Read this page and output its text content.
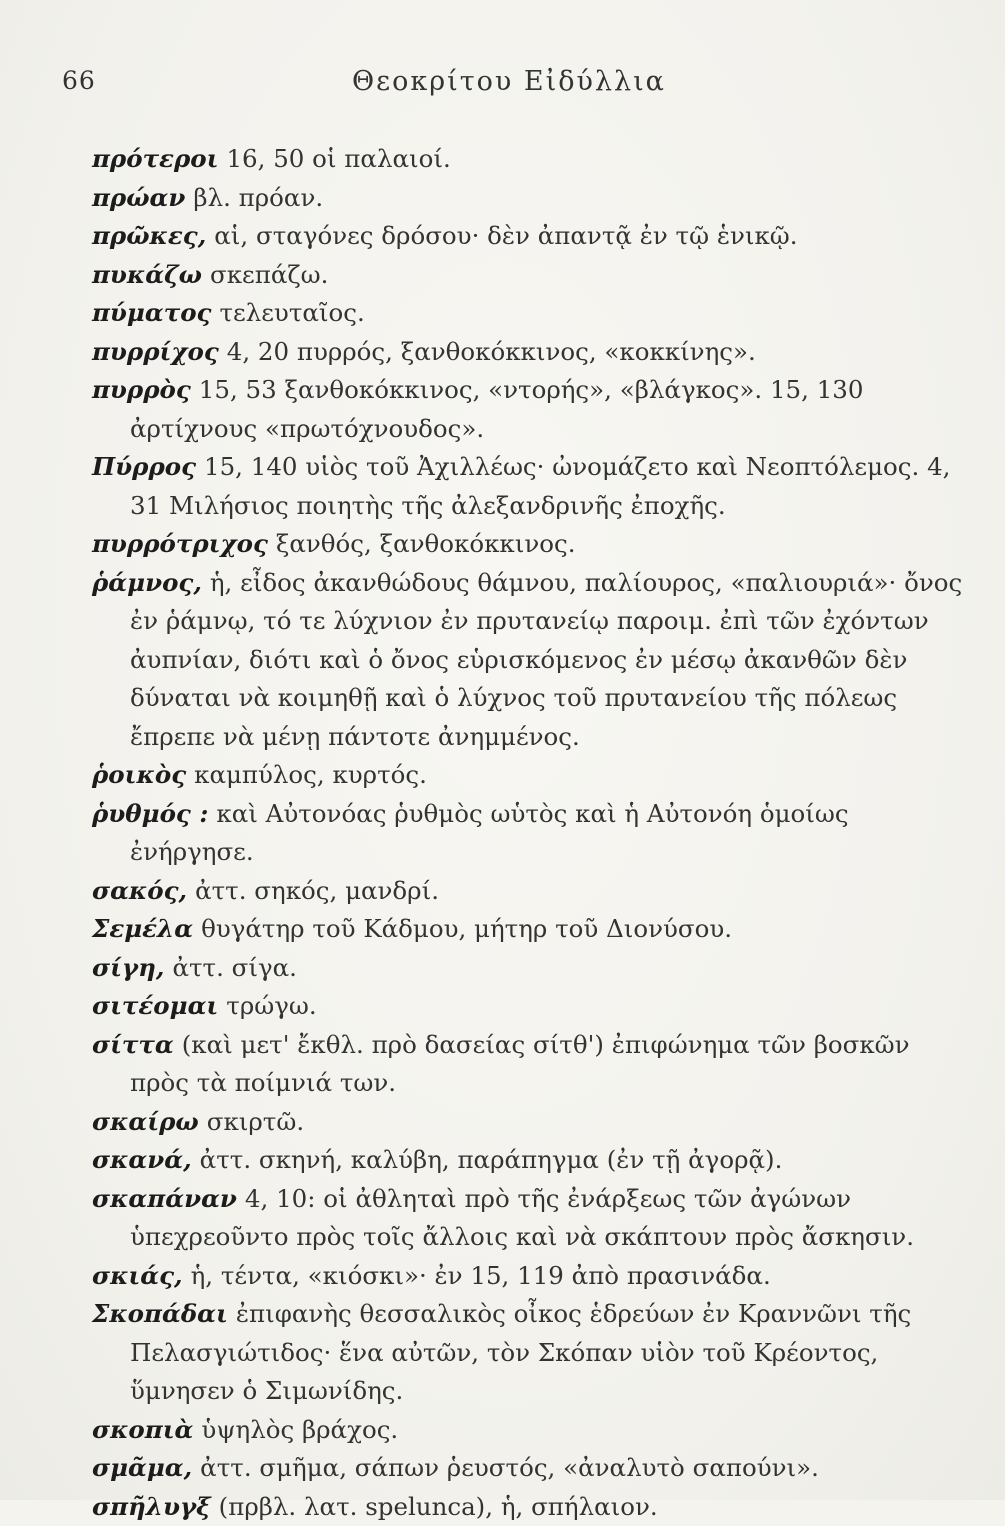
66	Θεοκρίτου Εἰδύλλια

πρότεροι 16, 50 οἱ παλαιοί.

πρώαν βλ. πρόαν.

πρῶκες, αἱ, σταγόνες δρόσου· δὲν ἀπαντᾷ ἐν τῷ ἑνικῷ.

πυκάζω σκεπάζω.

πύματος τελευταῖος.

πυρρίχος 4, 20 πυρρός, ξανθοκόκκινος, «κοκκίνης».

πυρρὸς 15, 53 ξανθοκόκκινος, «ντορής», «βλάγκος». 15, 130 ἀρτίχνους «πρωτόχνουδος».

Πύρρος 15, 140 υἱὸς τοῦ Ἀχιλλέως· ὠνομάζετο καὶ Νεοπτόλεμος. 4, 31 Μιλήσιος ποιητὴς τῆς ἀλεξανδρινῆς ἐποχῆς.

πυρρότριχος ξανθός, ξανθοκόκκινος.

ῥάμνος, ἡ, εἶδος ἀκανθώδους θάμνου, παλίουρος, «παλιουριά»· ὄνος ἐν ῥάμνῳ, τό τε λύχνιον ἐν πρυτανείῳ παροιμ. ἐπὶ τῶν ἐχόντων ἀυπνίαν, διότι καὶ ὁ ὄνος εὑρισκόμενος ἐν μέσῳ ἀκανθῶν δὲν δύναται νὰ κοιμηθῇ καὶ ὁ λύχνος τοῦ πρυτανείου τῆς πόλεως ἔπρεπε νὰ μένῃ πάντοτε ἀνημμένος.

ῥοικὸς καμπύλος, κυρτός.

ῥυθμός : καὶ Αὐτονόας ῥυθμὸς ωὑτὸς καὶ ἡ Αὐτονόη ὁμοίως ἐνήργησε.

σακός, ἀττ. σηκός, μανδρί.

Σεμέλα θυγάτηρ τοῦ Κάδμου, μήτηρ τοῦ Διονύσου.

σίγη, ἀττ. σίγα.

σιτέομαι τρώγω.

σίττα (καὶ μετ' ἔκθλ. πρὸ δασείας σίτθ') ἐπιφώνημα τῶν βοσκῶν πρὸς τὰ ποίμνιά των.

σκαίρω σκιρτῶ.

σκανά, ἀττ. σκηνή, καλύβη, παράπηγμα (ἐν τῇ ἀγορᾷ).

σκαπάναν 4, 10: οἱ ἀθληταὶ πρὸ τῆς ἐνάρξεως τῶν ἀγώνων ὑπεχρεοῦντο πρὸς τοῖς ἄλλοις καὶ νὰ σκάπτουν πρὸς ἄσκησιν.

σκιάς, ἡ, τέντα, «κιόσκι»· ἐν 15, 119 ἀπὸ πρασινάδα.

Σκοπάδαι ἐπιφανὴς θεσσαλικὸς οἶκος ἑδρεύων ἐν Κραννῶνι τῆς Πελασγιώτιδος· ἕνα αὐτῶν, τὸν Σκόπαν υἱὸν τοῦ Κρέοντος, ὕμνησεν ὁ Σιμωνίδης.

σκοπιὰ ὑψηλὸς βράχος.

σμᾶμα, ἀττ. σμῆμα, σάπων ῥευστός, «ἀναλυτὸ σαπούνι».

σπῆλυγξ (πρβλ. λατ. spelunca), ἡ, σπήλαιον.
